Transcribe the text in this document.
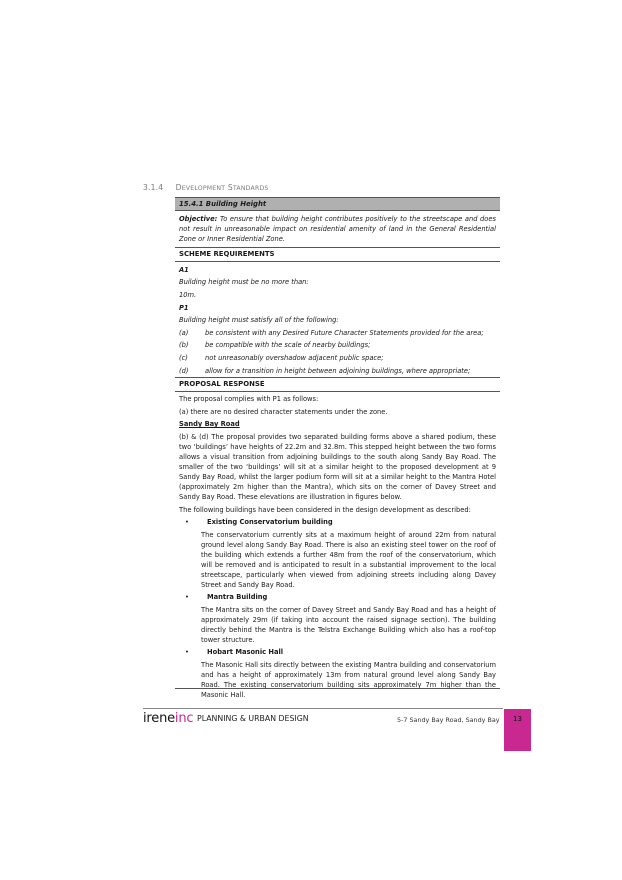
3.1.4 DEVELOPMENT STANDARDS
15.4.1 Building Height
Objective: To ensure that building height contributes positively to the streetscape and does not result in unreasonable impact on residential amenity of land in the General Residential Zone or Inner Residential Zone.
SCHEME REQUIREMENTS
A1
Building height must be no more than:
10m.
P1
Building height must satisfy all of the following:
(a)	be consistent with any Desired Future Character Statements provided for the area;
(b)	be compatible with the scale of nearby buildings;
(c)	not unreasonably overshadow adjacent public space;
(d)	allow for a transition in height between adjoining buildings, where appropriate;
PROPOSAL RESPONSE
The proposal complies with P1 as follows:
(a) there are no desired character statements under the zone.
Sandy Bay Road
(b) & (d) The proposal provides two separated building forms above a shared podium, these two ‘buildings’ have heights of 22.2m and 32.8m. This stepped height between the two forms allows a visual transition from adjoining buildings to the south along Sandy Bay Road. The smaller of the two ‘buildings’ will sit at a similar height to the proposed development at 9 Sandy Bay Road, whilst the larger podium form will sit at a similar height to the Mantra Hotel (approximately 2m higher than the Mantra), which sits on the corner of Davey Street and Sandy Bay Road. These elevations are illustration in figures below.
The following buildings have been considered in the design development as described:
•	Existing Conservatorium building
The conservatorium currently sits at a maximum height of around 22m from natural ground level along Sandy Bay Road. There is also an existing steel tower on the roof of the building which extends a further 48m from the roof of the conservatorium, which will be removed and is anticipated to result in a substantial improvement to the local streetscape, particularly when viewed from adjoining streets including along Davey Street and Sandy Bay Road.
•	Mantra Building
The Mantra sits on the corner of Davey Street and Sandy Bay Road and has a height of approximately 29m (if taking into account the raised signage section). The building directly behind the Mantra is the Telstra Exchange Building which also has a roof-top tower structure.
•	Hobart Masonic Hall
The Masonic Hall sits directly between the existing Mantra building and conservatorium and has a height of approximately 13m from natural ground level along Sandy Bay Road. The existing conservatorium building sits approximately 7m higher than the Masonic Hall.
ireneinc PLANNING & URBAN DESIGN	5-7 Sandy Bay Road, Sandy Bay	13
